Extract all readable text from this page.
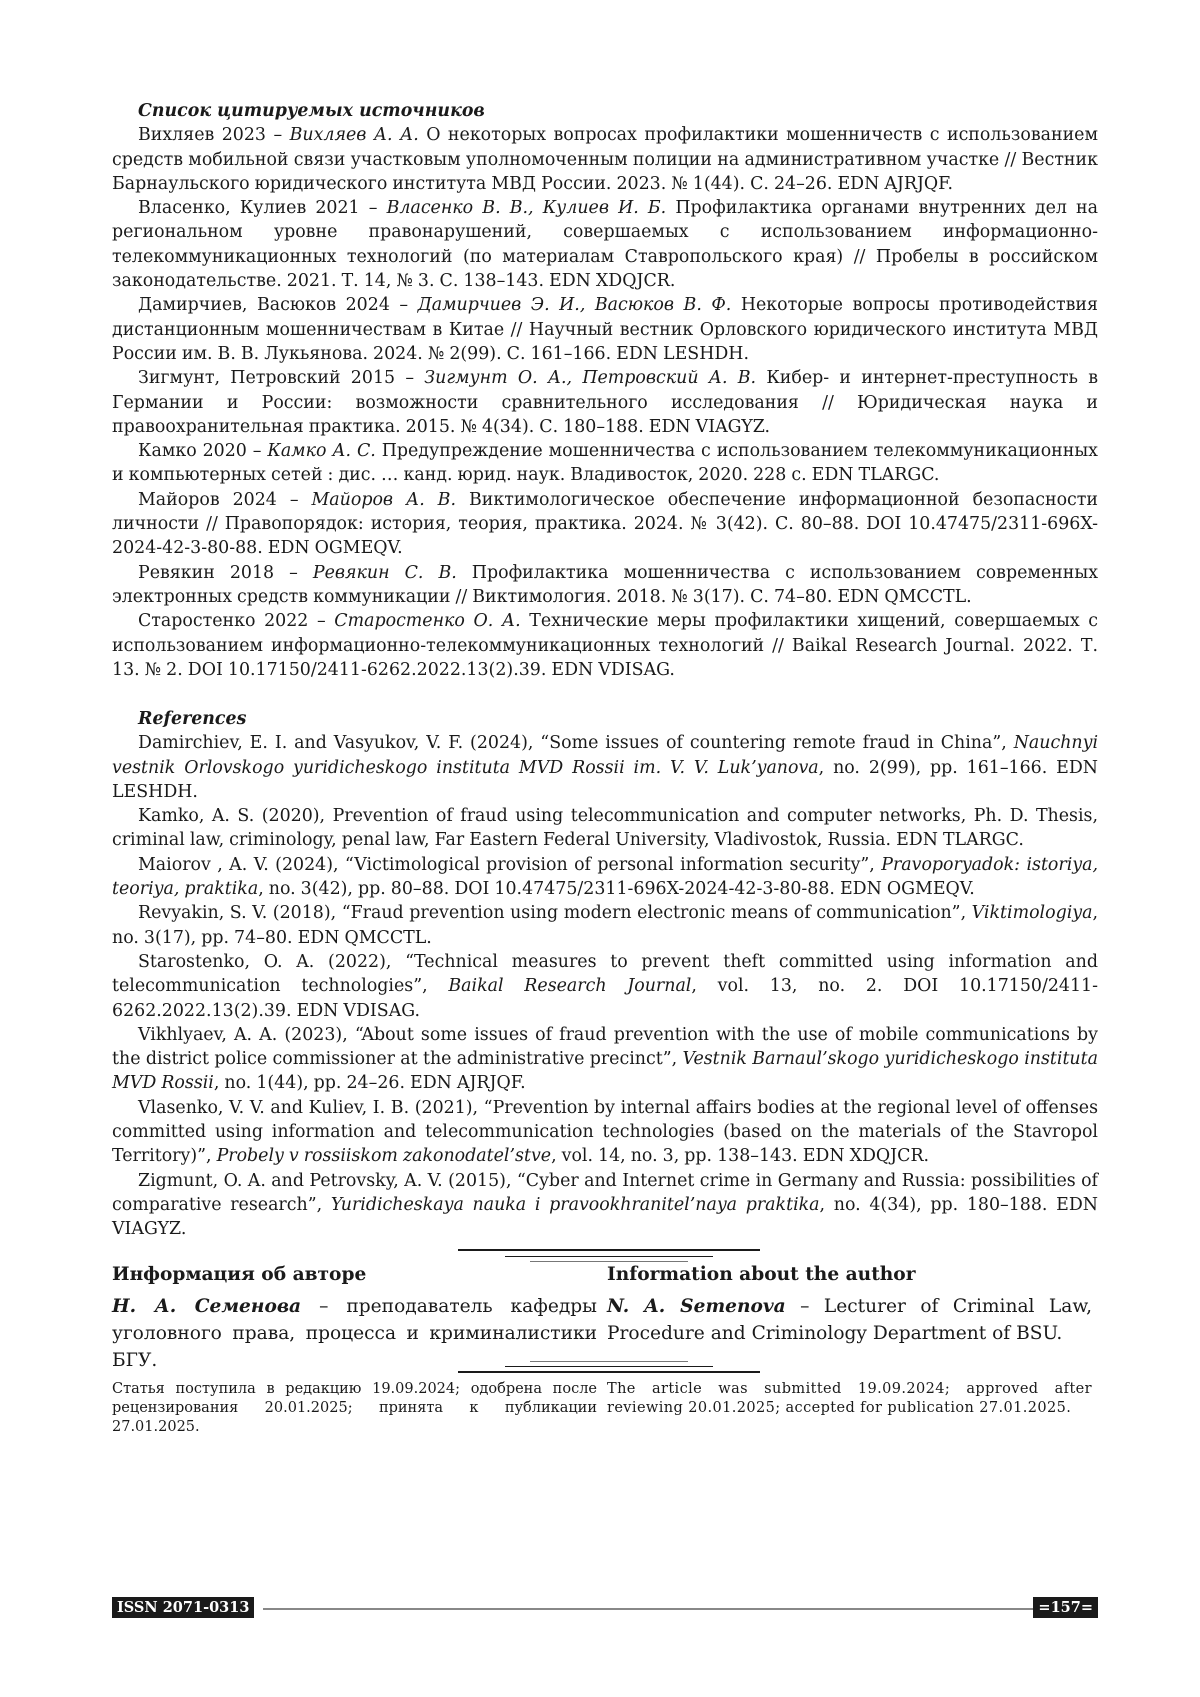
Список цитируемых источников
Вихляев 2023 – Вихляев А. А. О некоторых вопросах профилактики мошенничеств с использованием средств мобильной связи участковым уполномоченным полиции на административном участке // Вестник Барнаульского юридического института МВД России. 2023. № 1(44). С. 24–26. EDN AJRJQF.
Власенко, Кулиев 2021 – Власенко В. В., Кулиев И. Б. Профилактика органами внутренних дел на региональном уровне правонарушений, совершаемых с использованием информационно-телекоммуникационных технологий (по материалам Ставропольского края) // Пробелы в российском законодательстве. 2021. Т. 14, № 3. С. 138–143. EDN XDQJCR.
Дамирчиев, Васюков 2024 – Дамирчиев Э. И., Васюков В. Ф. Некоторые вопросы противодействия дистанционным мошенничествам в Китае // Научный вестник Орловского юридического института МВД России им. В. В. Лукьянова. 2024. № 2(99). С. 161–166. EDN LESHDH.
Зигмунт, Петровский 2015 – Зигмунт О. А., Петровский А. В. Кибер- и интернет-преступность в Германии и России: возможности сравнительного исследования // Юридическая наука и правоохранительная практика. 2015. № 4(34). С. 180–188. EDN VIAGYZ.
Камко 2020 – Камко А. С. Предупреждение мошенничества с использованием телекоммуникационных и компьютерных сетей : дис. … канд. юрид. наук. Владивосток, 2020. 228 с. EDN TLARGC.
Майоров 2024 – Майоров А. В. Виктимологическое обеспечение информационной безопасности личности // Правопорядок: история, теория, практика. 2024. № 3(42). С. 80–88. DOI 10.47475/2311-696X-2024-42-3-80-88. EDN OGMEQV.
Ревякин 2018 – Ревякин С. В. Профилактика мошенничества с использованием современных электронных средств коммуникации // Виктимология. 2018. № 3(17). С. 74–80. EDN QMCCTL.
Старостенко 2022 – Старостенко О. А. Технические меры профилактики хищений, совершаемых с использованием информационно-телекоммуникационных технологий // Baikal Research Journal. 2022. Т. 13. № 2. DOI 10.17150/2411-6262.2022.13(2).39. EDN VDISAG.
References
Damirchiev, E. I. and Vasyukov, V. F. (2024), “Some issues of countering remote fraud in China”, Nauchnyi vestnik Orlovskogo yuridicheskogo instituta MVD Rossii im. V. V. Luk’yanova, no. 2(99), pp. 161–166. EDN LESHDH.
Kamko, A. S. (2020), Prevention of fraud using telecommunication and computer networks, Ph. D. Thesis, criminal law, criminology, penal law, Far Eastern Federal University, Vladivostok, Russia. EDN TLARGC.
Maiorov , A. V. (2024), “Victimological provision of personal information security”, Pravoporyadok: istoriya, teoriya, praktika, no. 3(42), pp. 80–88. DOI 10.47475/2311-696X-2024-42-3-80-88. EDN OGMEQV.
Revyakin, S. V. (2018), “Fraud prevention using modern electronic means of communication”, Viktimologiya, no. 3(17), pp. 74–80. EDN QMCCTL.
Starostenko, O. A. (2022), “Technical measures to prevent theft committed using information and telecommunication technologies”, Baikal Research Journal, vol. 13, no. 2. DOI 10.17150/2411-6262.2022.13(2).39. EDN VDISAG.
Vikhlyaev, A. A. (2023), “About some issues of fraud prevention with the use of mobile communications by the district police commissioner at the administrative precinct”, Vestnik Barnaul’skogo yuridicheskogo instituta MVD Rossii, no. 1(44), pp. 24–26. EDN AJRJQF.
Vlasenko, V. V. and Kuliev, I. B. (2021), “Prevention by internal affairs bodies at the regional level of offenses committed using information and telecommunication technologies (based on the materials of the Stavropol Territory)”, Probely v rossiiskom zakonodatel’stve, vol. 14, no. 3, pp. 138–143. EDN XDQJCR.
Zigmunt, O. A. and Petrovsky, A. V. (2015), “Cyber and Internet crime in Germany and Russia: possibilities of comparative research”, Yuridicheskaya nauka i pravookhranitel’naya praktika, no. 4(34), pp. 180–188. EDN VIAGYZ.
Информация об авторе
Н. А. Семенова – преподаватель кафедры уголовного права, процесса и криминалистики БГУ.
Information about the author
N. A. Semenova – Lecturer of Criminal Law, Procedure and Criminology Department of BSU.
Статья поступила в редакцию 19.09.2024; одобрена после рецензирования 20.01.2025; принята к публикации 27.01.2025.
The article was submitted 19.09.2024; approved after reviewing 20.01.2025; accepted for publication 27.01.2025.
ISSN 2071-0313	=157=
